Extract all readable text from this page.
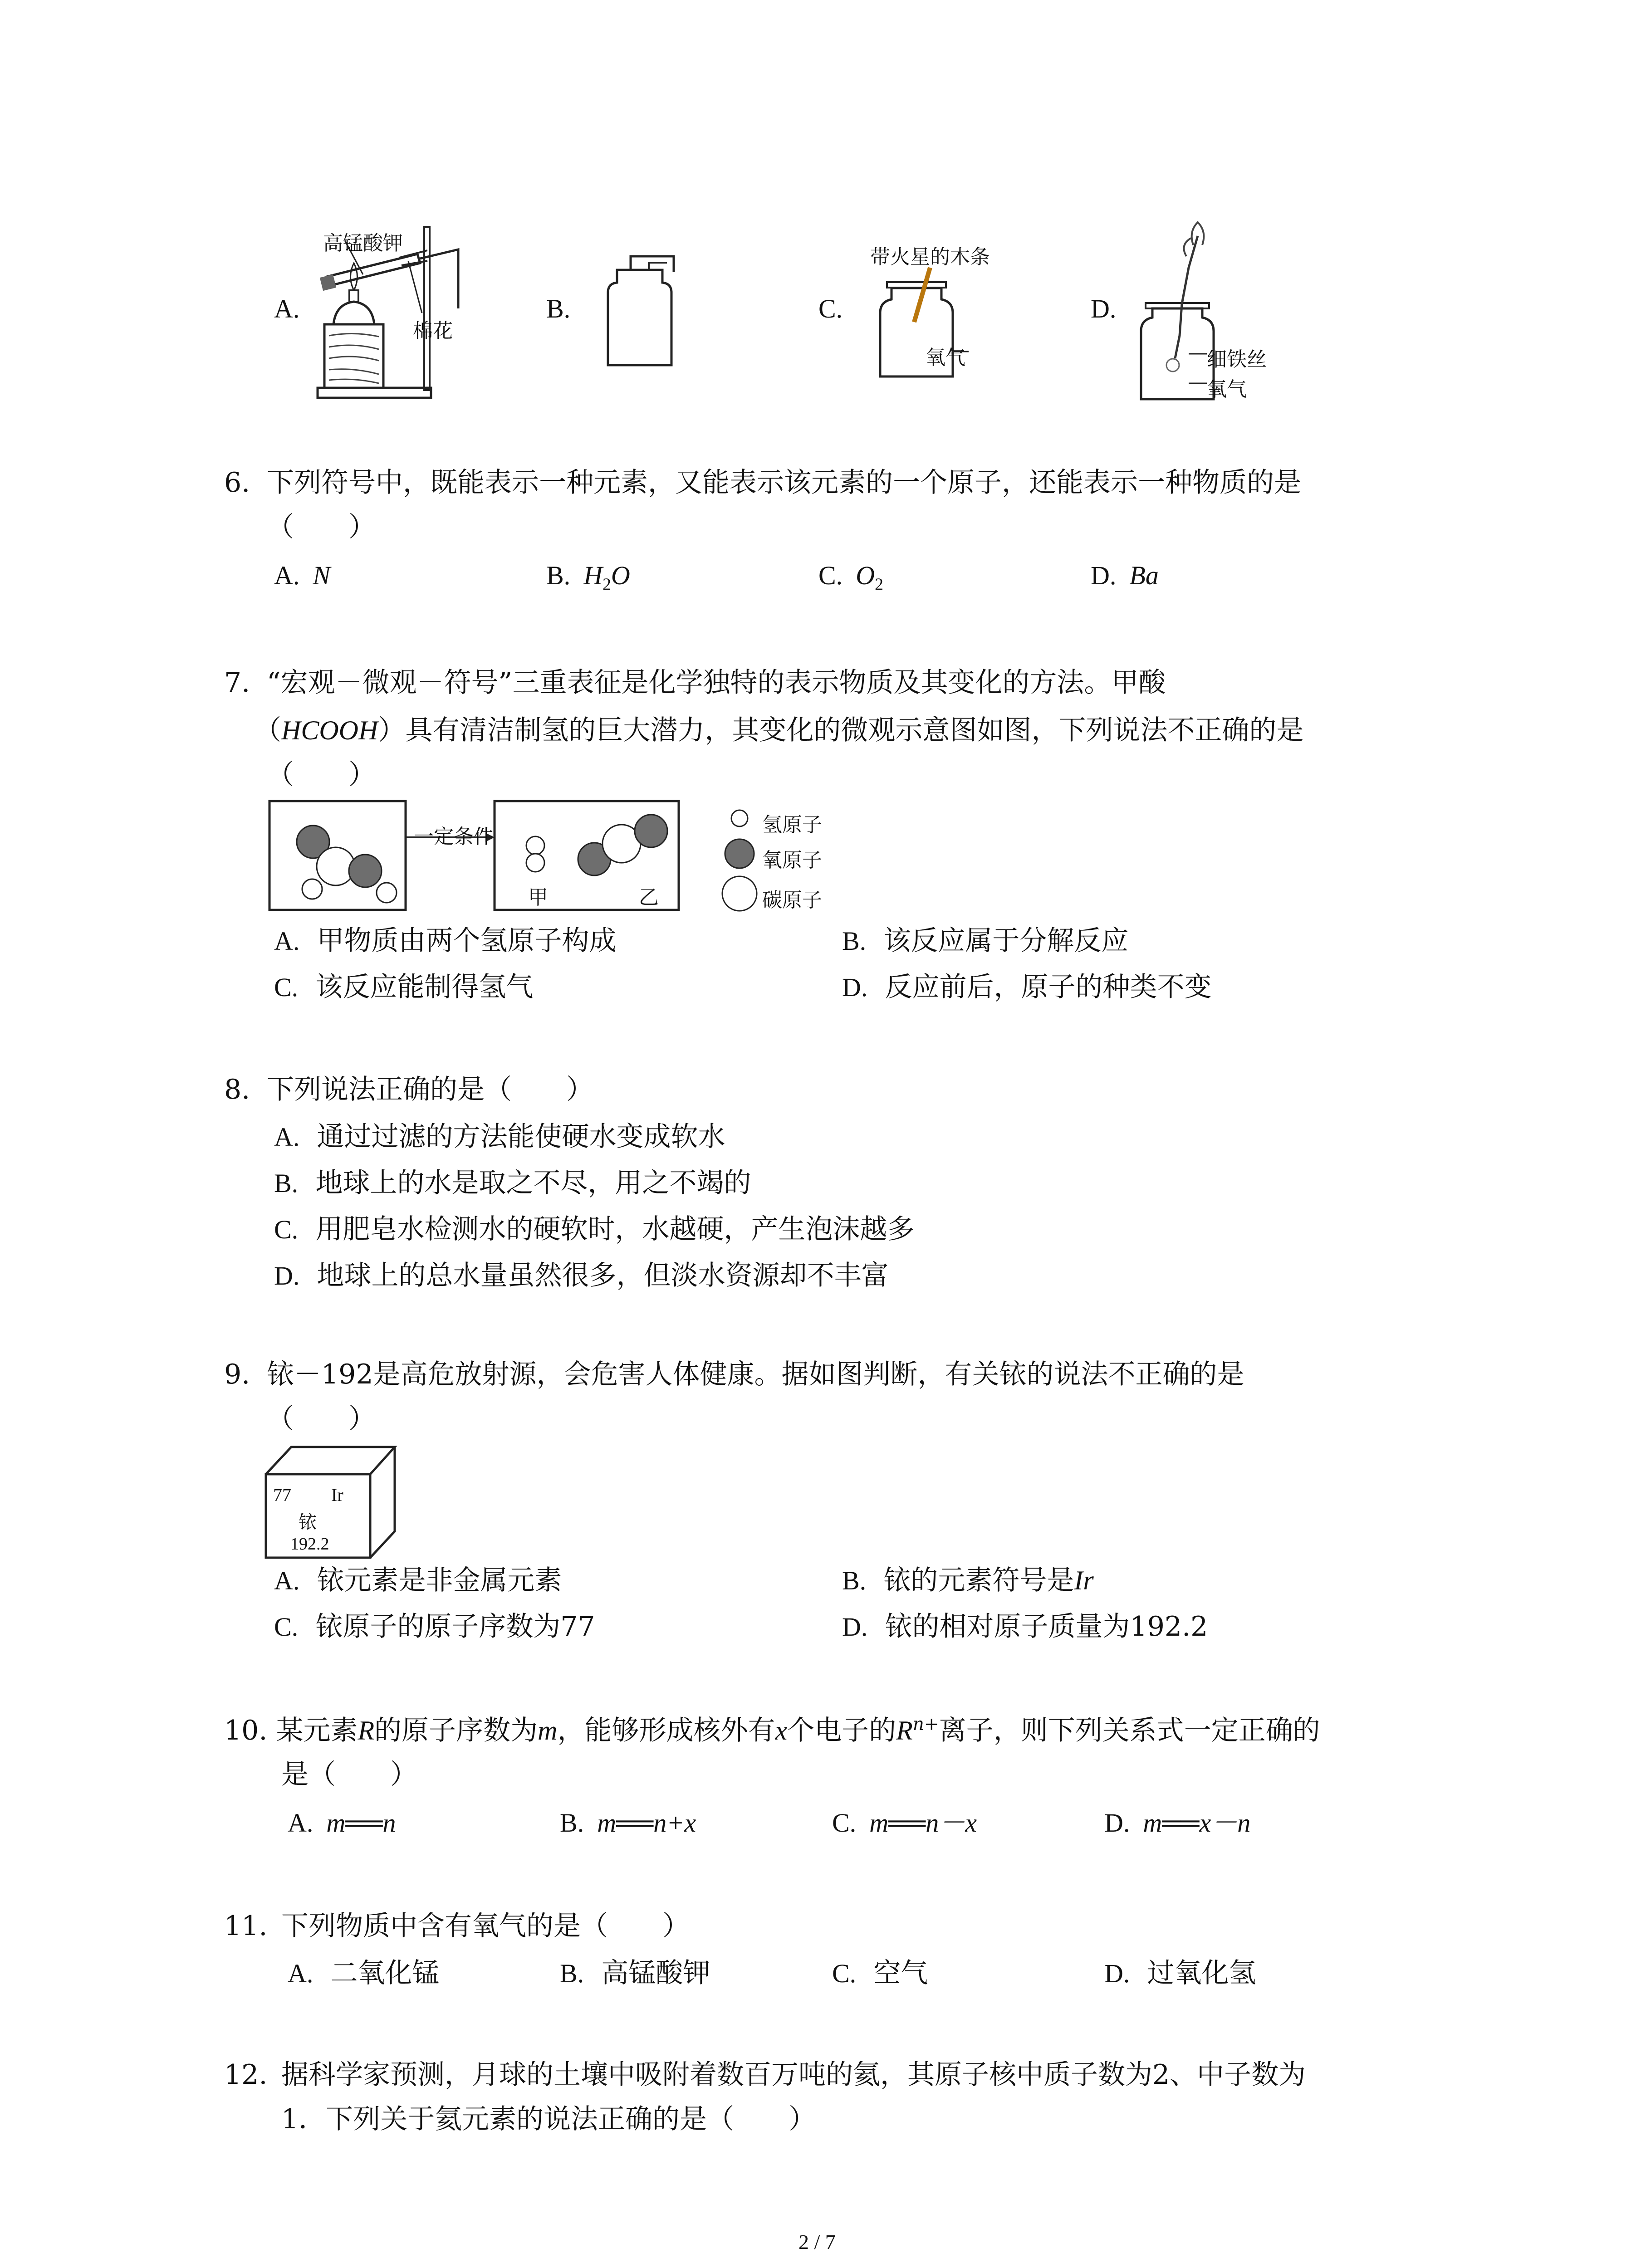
A.
高锰酸钾
棉花
B.	C.
带火星的木条
氧气
D.
细铁丝
氧气
6. 下列符号中，既能表示一种元素，又能表示该元素的一个原子，还能表示一种物质的是
（　　）
A. N	B. $H_2O$	C. $O_2$	D. Ba
7. “宏观－微观－符号”三重表征是化学独特的表示物质及其变化的方法。甲酸
（HCOOH）具有清洁制氢的巨大潜力，其变化的微观示意图如图，下列说法不正确的是
（　　）
一定条件
甲	乙
氢原子
氧原子
碳原子
A. 甲物质由两个氢原子构成	B. 该反应属于分解反应
C. 该反应能制得氢气	D. 反应前后，原子的种类不变
8. 下列说法正确的是（　　）
A. 通过过滤的方法能使硬水变成软水
B. 地球上的水是取之不尽，用之不竭的
C. 用肥皂水检测水的硬软时，水越硬，产生泡沫越多
D. 地球上的总水量虽然很多，但淡水资源却不丰富
9. 铱－192是高危放射源，会危害人体健康。据如图判断，有关铱的说法不正确的是
（　　）
77 Ir
铱
192.2
A. 铱元素是非金属元素	B. 铱的元素符号是Ir
C. 铱原子的原子序数为77	D. 铱的相对原子质量为192.2
10. 某元素R的原子序数为m，能够形成核外有x个电子的$R^{n+}$离子，则下列关系式一定正确的
是（　　）
A. m══n	B. m══n+x	C. m══n－x	D. m══x－n
11. 下列物质中含有氧气的是（　　）
A. 二氧化锰	B. 高锰酸钾	C. 空气	D. 过氧化氢
12. 据科学家预测，月球的土壤中吸附着数百万吨的氦，其原子核中质子数为2、中子数为
1．下列关于氦元素的说法正确的是（　　）
2 / 7
